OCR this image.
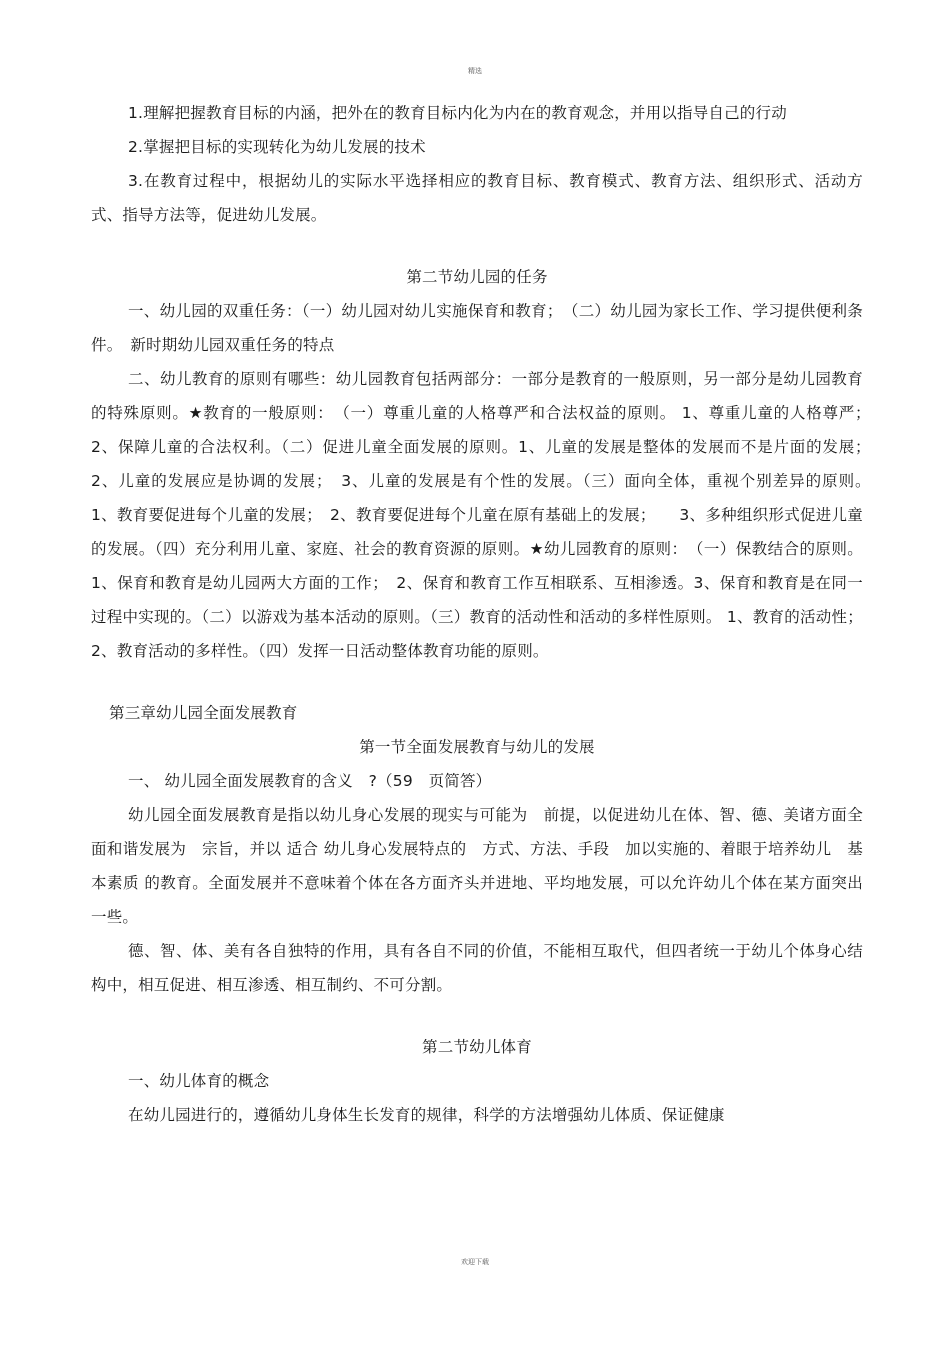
精选

1.理解把握教育目标的内涵，把外在的教育目标内化为内在的教育观念，并用以指导自己的行动

2.掌握把目标的实现转化为幼儿发展的技术

3.在教育过程中，根据幼儿的实际水平选择相应的教育目标、教育模式、教育方法、组织形式、活动方式、指导方法等，促进幼儿发展。

第二节幼儿园的任务

一、幼儿园的双重任务：（一）幼儿园对幼儿实施保育和教育；　（二）幼儿园为家长工作、学习提供便利条件。　新时期幼儿园双重任务的特点

二、幼儿教育的原则有哪些：幼儿园教育包括两部分：一部分是教育的一般原则，另一部分是幼儿园教育的特殊原则。★教育的一般原则：　（一）尊重儿童的人格尊严和合法权益的原则。 1、尊重儿童的人格尊严；　2、保障儿童的合法权利。（二）促进儿童全面发展的原则。1、儿童的发展是整体的发展而不是片面的发展；　　2、儿童的发展应是协调的发展；　3、儿童的发展是有个性的发展。（三）面向全体，重视个别差异的原则。　1、教育要促进每个儿童的发展；　2、教育要促进每个儿童在原有基础上的发展；　　3、多种组织形式促进儿童的发展。（四）充分利用儿童、家庭、社会的教育资源的原则。★幼儿园教育的原则：　（一）保教结合的原则。1、保育和教育是幼儿园两大方面的工作；　2、保育和教育工作互相联系、互相渗透。3、保育和教育是在同一过程中实现的。（二）以游戏为基本活动的原则。（三）教育的活动性和活动的多样性原则。 1、教育的活动性；2、教育活动的多样性。（四）发挥一日活动整体教育功能的原则。

第三章幼儿园全面发展教育

第一节全面发展教育与幼儿的发展

一、 幼儿园全面发展教育的含义　?（59　页简答）

幼儿园全面发展教育是指以幼儿身心发展的现实与可能为　前提，以促进幼儿在体、智、德、美诸方面全面和谐发展为　宗旨，并以 适合 幼儿身心发展特点的　方式、方法、手段　加以实施的、着眼于培养幼儿　基本素质 的教育。全面发展并不意味着个体在各方面齐头并进地、平均地发展，可以允许幼儿个体在某方面突出一些。

德、智、体、美有各自独特的作用，具有各自不同的价值，不能相互取代，但四者统一于幼儿个体身心结构中，相互促进、相互渗透、相互制约、不可分割。

第二节幼儿体育

一、幼儿体育的概念

在幼儿园进行的，遵循幼儿身体生长发育的规律，科学的方法增强幼儿体质、保证健康

欢迎下载
